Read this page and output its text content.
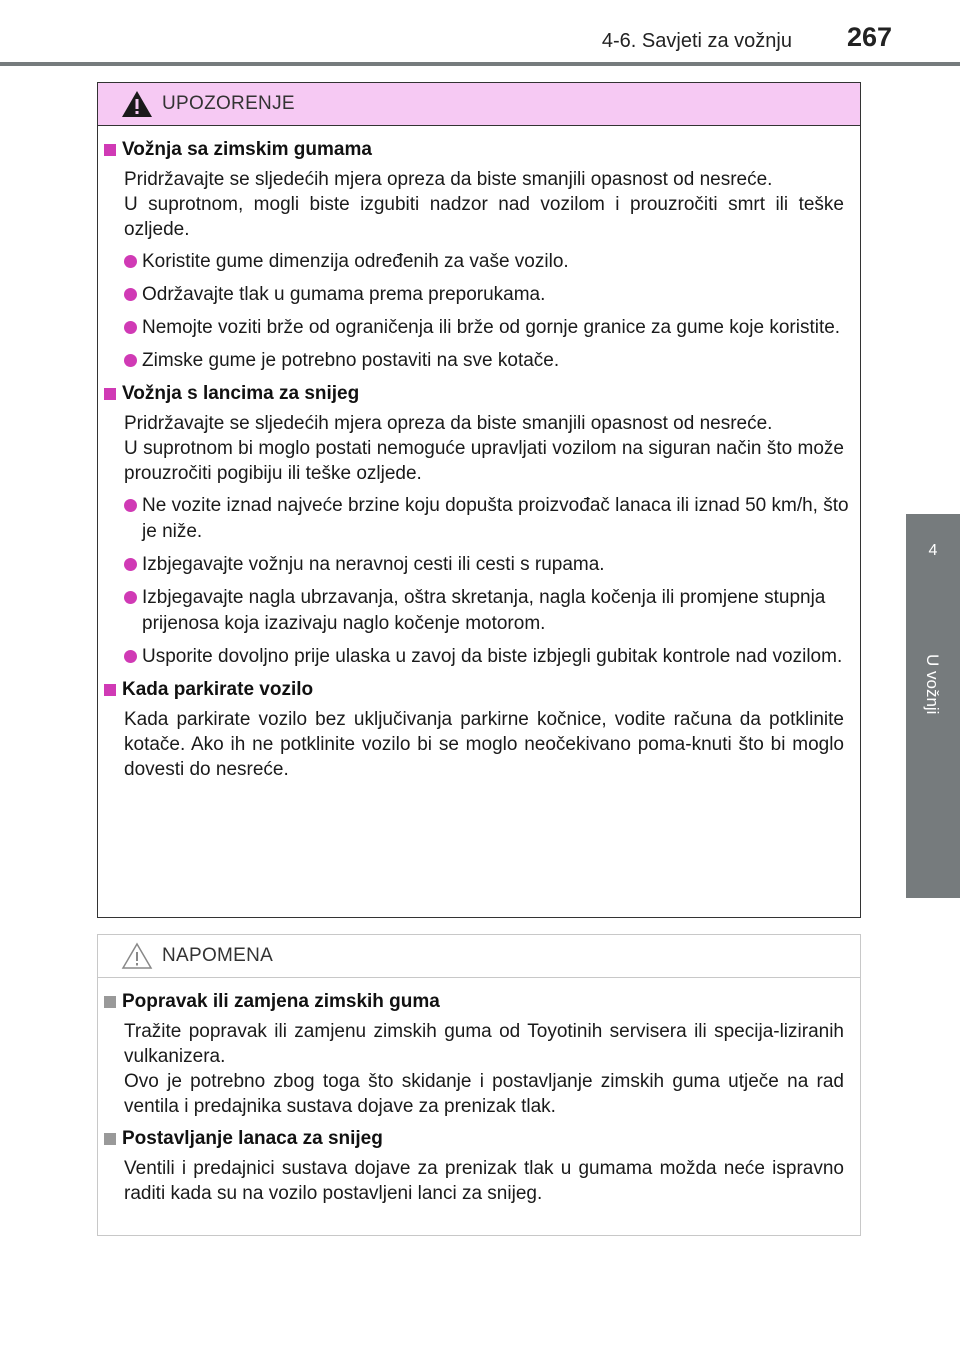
4-6. Savjeti za vožnju 267
4
U vožnji
UPOZORENJE
Vožnja sa zimskim gumama
Pridržavajte se sljedećih mjera opreza da biste smanjili opasnost od nesreće.
U suprotnom, mogli biste izgubiti nadzor nad vozilom i prouzročiti smrt ili teške ozljede.
Koristite gume dimenzija određenih za vaše vozilo.
Održavajte tlak u gumama prema preporukama.
Nemojte voziti brže od ograničenja ili brže od gornje granice za gume koje koristite.
Zimske gume je potrebno postaviti na sve kotače.
Vožnja s lancima za snijeg
Pridržavajte se sljedećih mjera opreza da biste smanjili opasnost od nesreće.
U suprotnom bi moglo postati nemoguće upravljati vozilom na siguran način što može prouzročiti pogibiju ili teške ozljede.
Ne vozite iznad najveće brzine koju dopušta proizvođač lanaca ili iznad 50 km/h, što je niže.
Izbjegavajte vožnju na neravnoj cesti ili cesti s rupama.
Izbjegavajte nagla ubrzavanja, oštra skretanja, nagla kočenja ili promjene stupnja prijenosa koja izazivaju naglo kočenje motorom.
Usporite dovoljno prije ulaska u zavoj da biste izbjegli gubitak kontrole nad vozilom.
Kada parkirate vozilo
Kada parkirate vozilo bez uključivanja parkirne kočnice, vodite računa da potklinite kotače. Ako ih ne potklinite vozilo bi se moglo neočekivano poma-knuti što bi moglo dovesti do nesreće.
NAPOMENA
Popravak ili zamjena zimskih guma
Tražite popravak ili zamjenu zimskih guma od Toyotinih servisera ili specija-liziranih vulkanizera.
Ovo je potrebno zbog toga što skidanje i postavljanje zimskih guma utječe na rad ventila i predajnika sustava dojave za prenizak tlak.
Postavljanje lanaca za snijeg
Ventili i predajnici sustava dojave za prenizak tlak u gumama možda neće ispravno raditi kada su na vozilo postavljeni lanci za snijeg.
